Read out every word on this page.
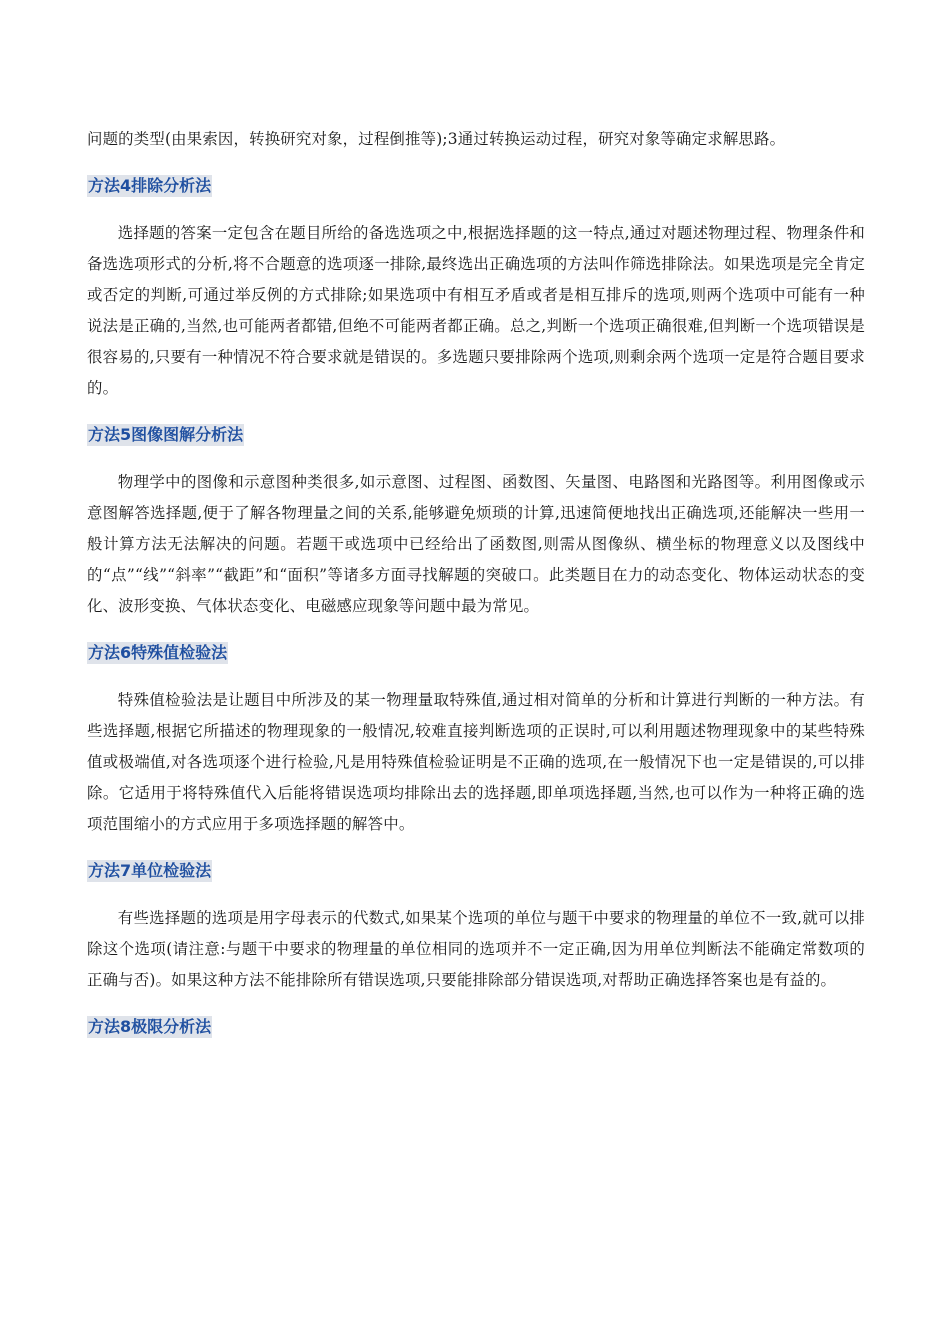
问题的类型(由果索因，转换研究对象，过程倒推等);3通过转换运动过程，研究对象等确定求解思路。

方法4排除分析法

选择题的答案一定包含在题目所给的备选选项之中,根据选择题的这一特点,通过对题述物理过程、物理条件和备选选项形式的分析,将不合题意的选项逐一排除,最终选出正确选项的方法叫作筛选排除法。如果选项是完全肯定或否定的判断,可通过举反例的方式排除;如果选项中有相互矛盾或者是相互排斥的选项,则两个选项中可能有一种说法是正确的,当然,也可能两者都错,但绝不可能两者都正确。总之,判断一个选项正确很难,但判断一个选项错误是很容易的,只要有一种情况不符合要求就是错误的。多选题只要排除两个选项,则剩余两个选项一定是符合题目要求的。

方法5图像图解分析法

物理学中的图像和示意图种类很多,如示意图、过程图、函数图、矢量图、电路图和光路图等。利用图像或示意图解答选择题,便于了解各物理量之间的关系,能够避免烦琐的计算,迅速简便地找出正确选项,还能解决一些用一般计算方法无法解决的问题。若题干或选项中已经给出了函数图,则需从图像纵、横坐标的物理意义以及图线中的“点”“线”“斜率”“截距”和“面积”等诸多方面寻找解题的突破口。此类题目在力的动态变化、物体运动状态的变化、波形变换、气体状态变化、电磁感应现象等问题中最为常见。

方法6特殊值检验法

特殊值检验法是让题目中所涉及的某一物理量取特殊值,通过相对简单的分析和计算进行判断的一种方法。有些选择题,根据它所描述的物理现象的一般情况,较难直接判断选项的正误时,可以利用题述物理现象中的某些特殊值或极端值,对各选项逐个进行检验,凡是用特殊值检验证明是不正确的选项,在一般情况下也一定是错误的,可以排除。它适用于将特殊值代入后能将错误选项均排除出去的选择题,即单项选择题,当然,也可以作为一种将正确的选项范围缩小的方式应用于多项选择题的解答中。

方法7单位检验法

有些选择题的选项是用字母表示的代数式,如果某个选项的单位与题干中要求的物理量的单位不一致,就可以排除这个选项(请注意:与题干中要求的物理量的单位相同的选项并不一定正确,因为用单位判断法不能确定常数项的正确与否)。如果这种方法不能排除所有错误选项,只要能排除部分错误选项,对帮助正确选择答案也是有益的。

方法8极限分析法
